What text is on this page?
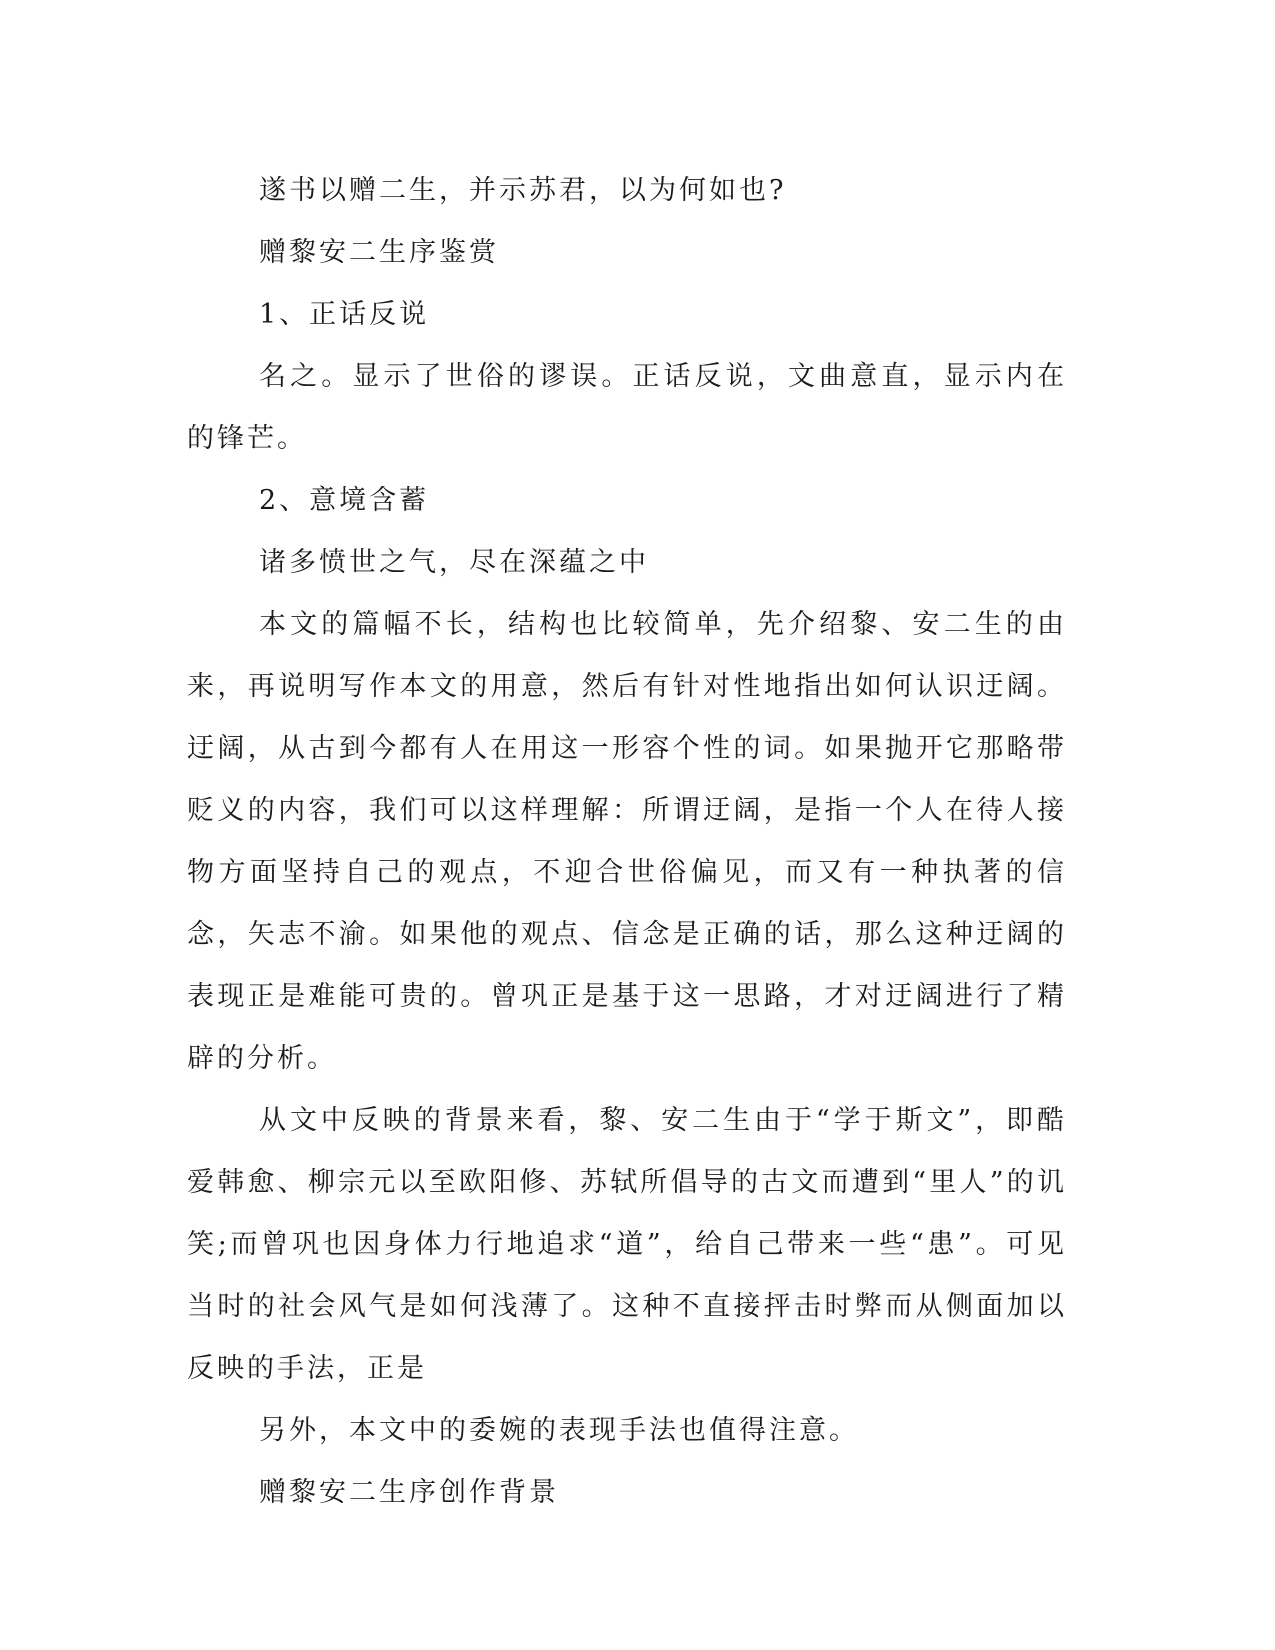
遂书以赠二生，并示苏君，以为何如也?

赠黎安二生序鉴赏

1、正话反说

名之。显示了世俗的谬误。正话反说，文曲意直，显示内在的锋芒。

2、意境含蓄

诸多愤世之气，尽在深蕴之中

本文的篇幅不长，结构也比较简单，先介绍黎、安二生的由来，再说明写作本文的用意，然后有针对性地指出如何认识迂阔。迂阔，从古到今都有人在用这一形容个性的词。如果抛开它那略带贬义的内容，我们可以这样理解：所谓迂阔，是指一个人在待人接物方面坚持自己的观点，不迎合世俗偏见，而又有一种执著的信念，矢志不渝。如果他的观点、信念是正确的话，那么这种迂阔的表现正是难能可贵的。曾巩正是基于这一思路，才对迂阔进行了精辟的分析。

从文中反映的背景来看，黎、安二生由于“学于斯文”，即酷爱韩愈、柳宗元以至欧阳修、苏轼所倡导的古文而遭到“里人”的讥笑;而曾巩也因身体力行地追求“道”，给自己带来一些“患”。可见当时的社会风气是如何浅薄了。这种不直接抨击时弊而从侧面加以反映的手法，正是

另外，本文中的委婉的表现手法也值得注意。

赠黎安二生序创作背景
